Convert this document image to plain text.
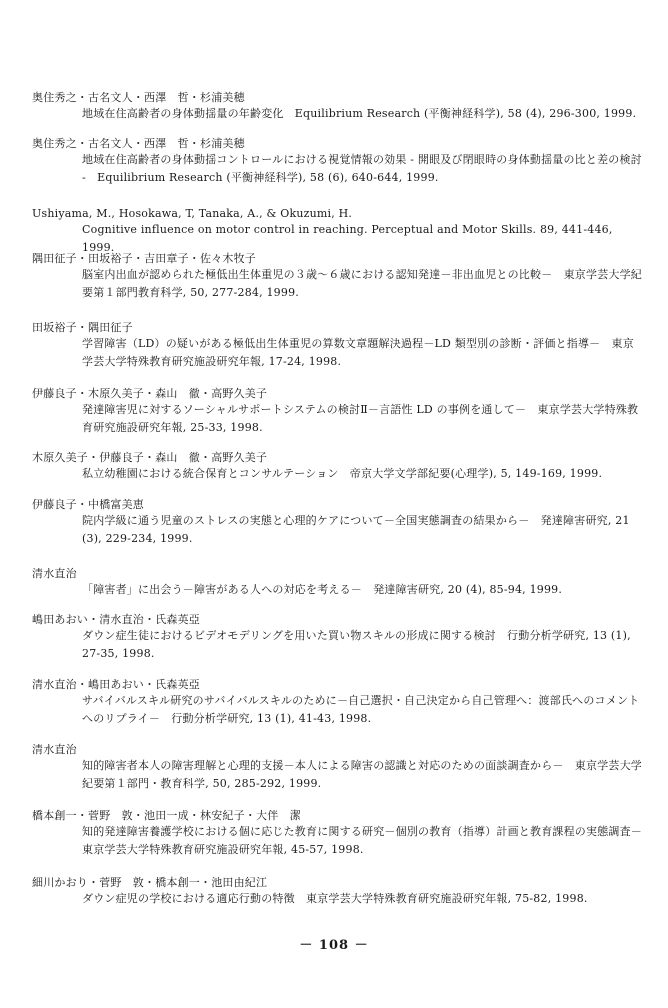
奥住秀之・古名文人・西澤　哲・杉浦美穂
地域在住高齢者の身体動揺量の年齢変化　Equilibrium Research (平衡神経科学), 58 (4), 296-300, 1999.
奥住秀之・古名文人・西澤　哲・杉浦美穂
地域在住高齢者の身体動揺コントロールにおける視覚情報の効果 - 開眼及び閉眼時の身体動揺量の比と差の検討 -　Equilibrium Research (平衡神経科学), 58 (6), 640-644, 1999.
Ushiyama, M., Hosokawa, T, Tanaka, A., & Okuzumi, H.
Cognitive influence on motor control in reaching. Perceptual and Motor Skills. 89, 441-446, 1999.
隅田征子・田坂裕子・吉田章子・佐々木牧子
脳室内出血が認められた極低出生体重児の３歳～６歳における認知発達－非出血児との比較－　東京学芸大学紀要第１部門教育科学, 50, 277-284, 1999.
田坂裕子・隅田征子
学習障害（LD）の疑いがある極低出生体重児の算数文章題解決過程－LD 類型別の診断・評価と指導－　東京学芸大学特殊教育研究施設研究年報, 17-24, 1998.
伊藤良子・木原久美子・森山　徹・高野久美子
発達障害児に対するソーシャルサポートシステムの検討Ⅱ－言語性 LD の事例を通して－　東京学芸大学特殊教育研究施設研究年報, 25-33, 1998.
木原久美子・伊藤良子・森山　徹・高野久美子
私立幼稚園における統合保育とコンサルテーション　帝京大学文学部紀要(心理学), 5, 149-169, 1999.
伊藤良子・中橋富美恵
院内学級に通う児童のストレスの実態と心理的ケアについて－全国実態調査の結果から－　発達障害研究, 21 (3), 229-234, 1999.
清水直治
「障害者」に出会う－障害がある人への対応を考える－　発達障害研究, 20 (4), 85-94, 1999.
嶋田あおい・清水直治・氏森英亞
ダウン症生徒におけるビデオモデリングを用いた買い物スキルの形成に関する検討　行動分析学研究, 13 (1), 27-35, 1998.
清水直治・嶋田あおい・氏森英亞
サバイバルスキル研究のサバイバルスキルのために－自己選択・自己決定から自己管理へ：渡部氏へのコメントへのリプライ－　行動分析学研究, 13 (1), 41-43, 1998.
清水直治
知的障害者本人の障害理解と心理的支援－本人による障害の認識と対応のための面談調査から－　東京学芸大学紀要第１部門・教育科学, 50, 285-292, 1999.
橋本創一・菅野　敦・池田一成・林安紀子・大伴　潔
知的発達障害養護学校における個に応じた教育に関する研究－個別の教育（指導）計画と教育課程の実態調査－　東京学芸大学特殊教育研究施設研究年報, 45-57, 1998.
細川かおり・菅野　敦・橋本創一・池田由紀江
ダウン症児の学校における適応行動の特徴　東京学芸大学特殊教育研究施設研究年報, 75-82, 1998.
－ 108 －
